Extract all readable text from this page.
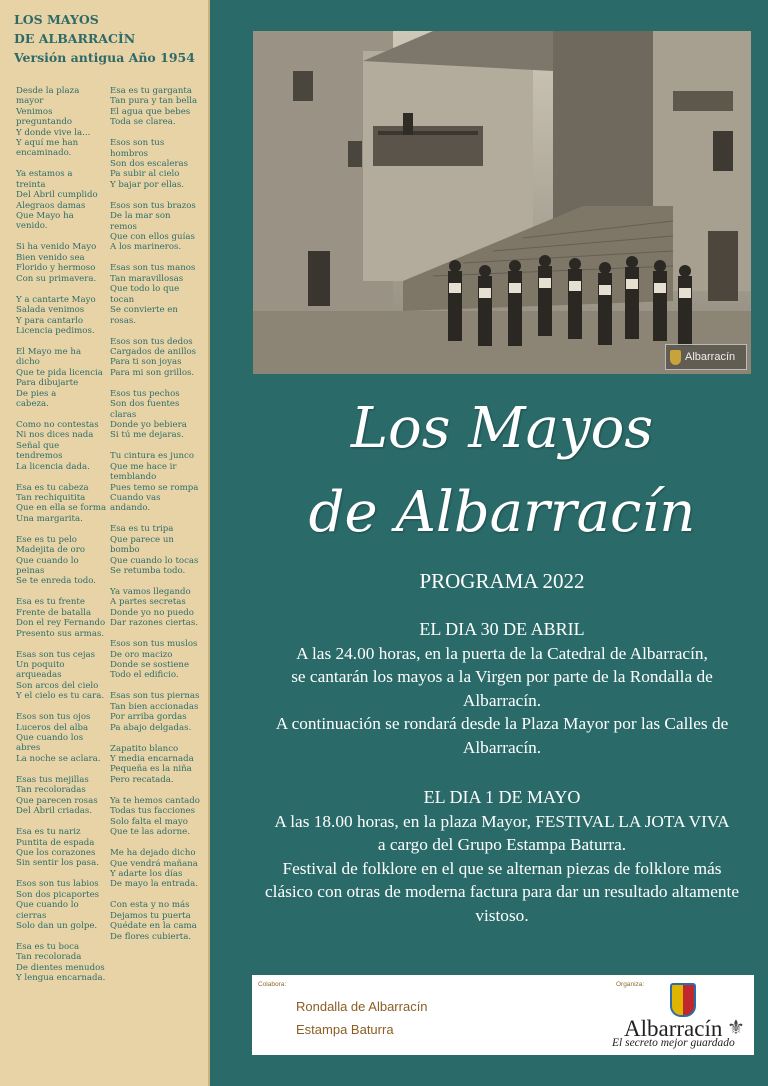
LOS MAYOS
DE ALBARRACÌN
Versión antigua Año 1954
Desde la plaza
mayor
Venimos
preguntando
Y donde vive la...
Y aquí me han
encaminado.
Ya estamos a
treinta
Del Abril cumplido
Alegraos damas
Que Mayo ha
venido.
Si ha venido Mayo
Bien venido sea
Florido y hermoso
Con su primavera.
Y a cantarte Mayo
Salada venimos
Y para cantarlo
Licencia pedimos.
El Mayo me ha
dicho
Que te pida licencia
Para dibujarte
De pies a
cabeza.
Como no contestas
Ni nos dices nada
Señal que
tendremos
La licencia dada.
Esa es tu cabeza
Tan rechiquitita
Que en ella se forma
Una margarita.
Ese es tu pelo
Madejita de oro
Que cuando lo
peinas
Se te enreda todo.
Esa es tu frente
Frente de batalla
Don el rey Fernando
Presento sus armas.
Esas son tus cejas
Un poquito
arqueadas
Son arcos del cielo
Y el cielo es tu cara.
Esos son tus ojos
Luceros del alba
Que cuando los
abres
La noche se aclara.
Esas tus mejillas
Tan recoloradas
Que parecen rosas
Del Abril criadas.
Esa es tu nariz
Puntita de espada
Que los corazones
Sin sentir los pasa.
Esos son tus labios
Son dos picaportes
Que cuando lo
cierras
Solo dan un golpe.
Esa es tu boca
Tan recolorada
De dientes menudos
Y lengua encarnada.
Esa es tu garganta
Tan pura y tan bella
El agua que bebes
Toda se clarea.
Esos son tus
hombros
Son dos escaleras
Pa subir al cielo
Y bajar por ellas.
Esos son tus brazos
De la mar son
remos
Que con ellos guías
A los marineros.
Esas son tus manos
Tan maravillosas
Que todo lo que
tocan
Se convierte en
rosas.
Esos son tus dedos
Cargados de anillos
Para ti son joyas
Para mi son grillos.
Esos tus pechos
Son dos fuentes
claras
Donde yo bebiera
Si tú me dejaras.
Tu cintura es junco
Que me hace ir
temblando
Pues temo se rompa
Cuando vas
andando.
Esa es tu tripa
Que parece un
bombo
Que cuando lo tocas
Se retumba todo.
Ya vamos llegando
A partes secretas
Donde yo no puedo
Dar razones ciertas.
Esos son tus muslos
De oro macizo
Donde se sostiene
Todo el edificio.
Esas son tus piernas
Tan bien accionadas
Por arriba gordas
Pa abajo delgadas.
Zapatito blanco
Y media encarnada
Pequeña es la niña
Pero recatada.
Ya te hemos cantado
Todas tus facciones
Solo falta el mayo
Que te las adorne.
Me ha dejado dicho
Que vendrá mañana
Y adarte los días
De mayo la entrada.
Con esta y no más
Dejamos tu puerta
Quédate en la cama
De flores cubierta.
Albarracín
Los Mayos
de Albarracín
PROGRAMA 2022
EL DIA 30 DE ABRIL
A las 24.00 horas, en la puerta de la Catedral de Albarracín,
se cantarán los mayos a la Virgen por parte de la Rondalla de
Albarracín.
A continuación se rondará desde la Plaza Mayor por las Calles de
Albarracín.
EL DIA 1 DE MAYO
A las 18.00 horas, en la plaza Mayor, FESTIVAL LA JOTA VIVA
a cargo del Grupo Estampa Baturra.
Festival de folklore en el que se alternan piezas de folklore más
clásico con otras de moderna factura para dar un resultado altamente
vistoso.
Colabora:	Organiza:
Rondalla de Albarracín
Estampa Baturra	Albarracín ⚜
El secreto mejor guardado
